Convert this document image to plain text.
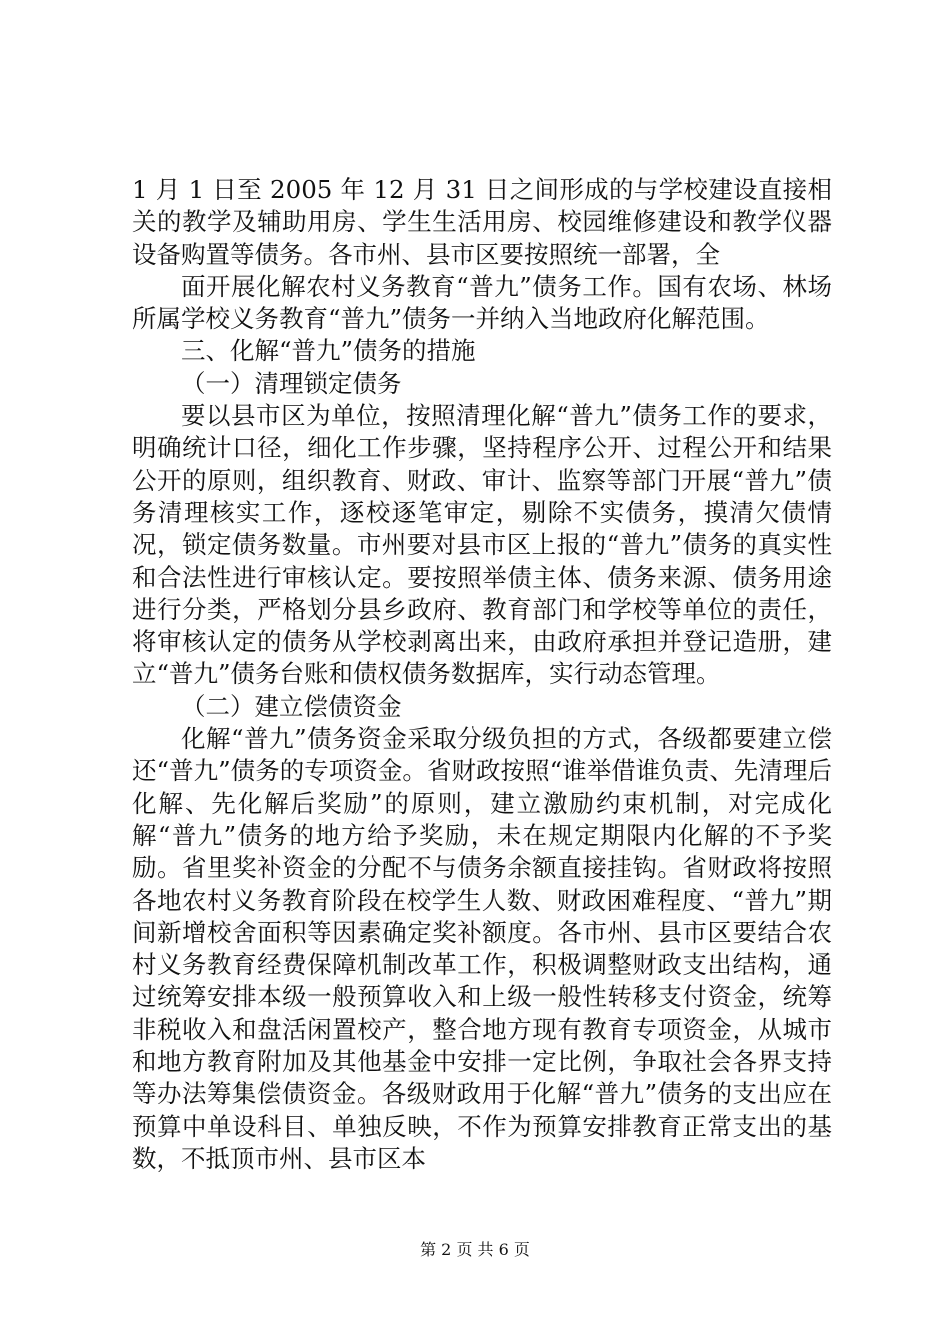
1 月 1 日至 2005 年 12 月 31 日之间形成的与学校建设直接相关的教学及辅助用房、学生生活用房、校园维修建设和教学仪器设备购置等债务。各市州、县市区要按照统一部署，全

面开展化解农村义务教育“普九”债务工作。国有农场、林场所属学校义务教育“普九”债务一并纳入当地政府化解范围。

三、化解“普九”债务的措施

（一）清理锁定债务

要以县市区为单位，按照清理化解“普九”债务工作的要求，明确统计口径，细化工作步骤，坚持程序公开、过程公开和结果公开的原则，组织教育、财政、审计、监察等部门开展“普九”债务清理核实工作，逐校逐笔审定，剔除不实债务，摸清欠债情况，锁定债务数量。市州要对县市区上报的“普九”债务的真实性和合法性进行审核认定。要按照举债主体、债务来源、债务用途进行分类，严格划分县乡政府、教育部门和学校等单位的责任，将审核认定的债务从学校剥离出来，由政府承担并登记造册，建立“普九”债务台账和债权债务数据库，实行动态管理。

（二）建立偿债资金

化解“普九”债务资金采取分级负担的方式，各级都要建立偿还“普九”债务的专项资金。省财政按照“谁举借谁负责、先清理后化解、先化解后奖励”的原则，建立激励约束机制，对完成化解“普九”债务的地方给予奖励，未在规定期限内化解的不予奖励。省里奖补资金的分配不与债务余额直接挂钩。省财政将按照各地农村义务教育阶段在校学生人数、财政困难程度、“普九”期间新增校舍面积等因素确定奖补额度。各市州、县市区要结合农村义务教育经费保障机制改革工作，积极调整财政支出结构，通过统筹安排本级一般预算收入和上级一般性转移支付资金，统筹非税收入和盘活闲置校产，整合地方现有教育专项资金，从城市和地方教育附加及其他基金中安排一定比例，争取社会各界支持等办法筹集偿债资金。各级财政用于化解“普九”债务的支出应在预算中单设科目、单独反映，不作为预算安排教育正常支出的基数，不抵顶市州、县市区本

第 2 页 共 6 页
